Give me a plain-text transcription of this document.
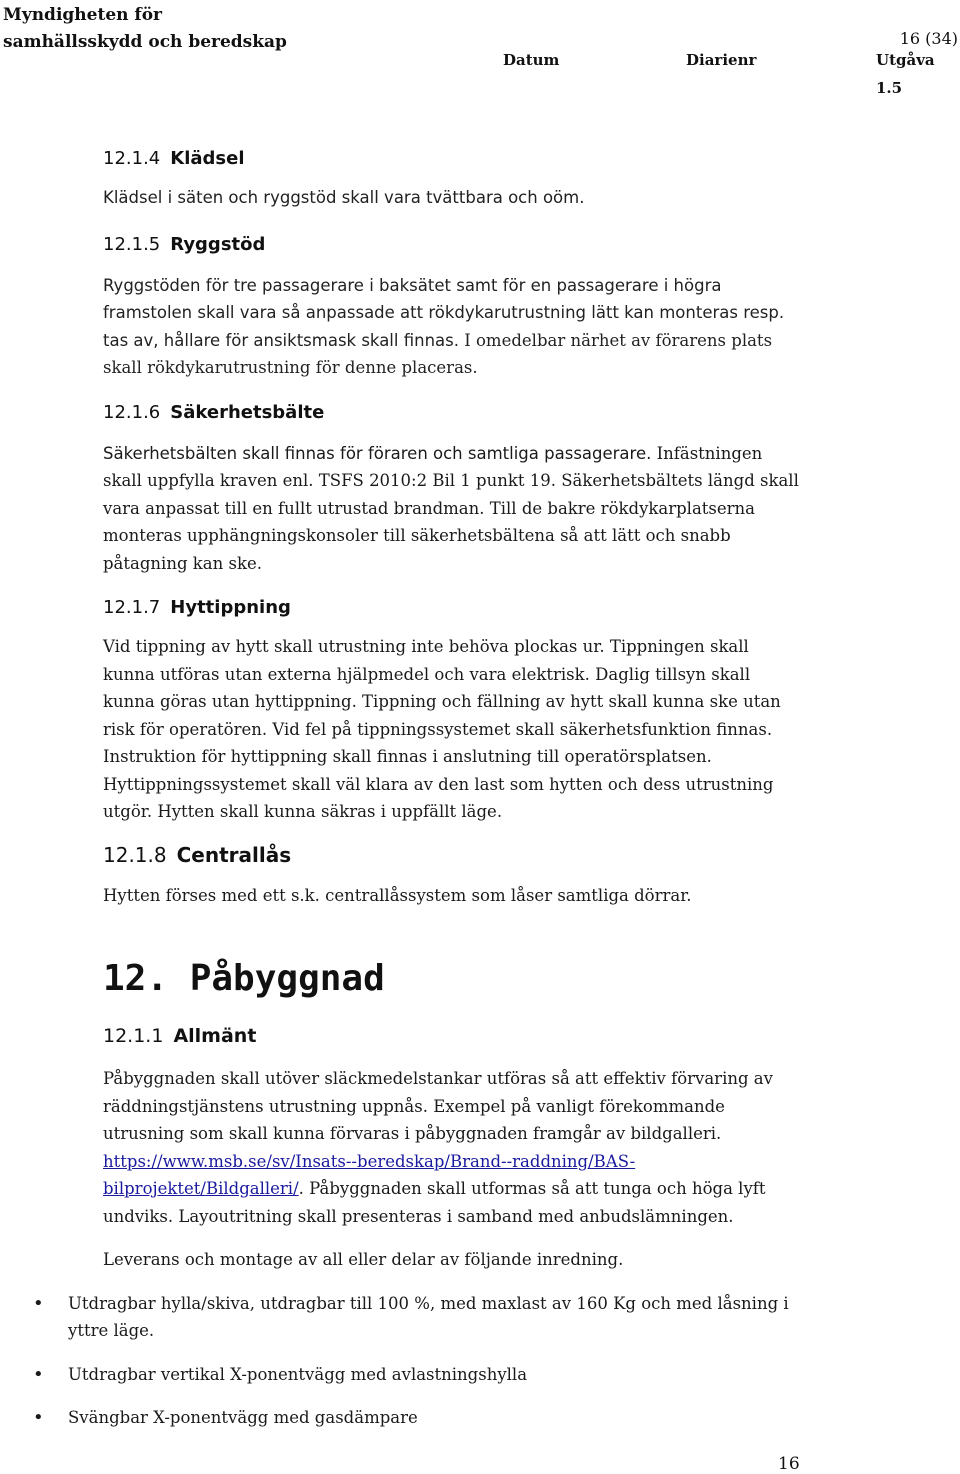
Myndigheten för
samhällsskydd och beredskap	16 (34)
Datum	Diarienr	Utgåva
1.5
12.1.4 Klädsel

Klädsel i säten och ryggstöd skall vara tvättbara och oöm.

12.1.5 Ryggstöd

Ryggstöden för tre passagerare i baksätet samt för en passagerare i högra framstolen skall vara så anpassade att rökdykarutrustning lätt kan monteras resp. tas av, hållare för ansiktsmask skall finnas. I omedelbar närhet av förarens plats skall rökdykarutrustning för denne placeras.

12.1.6 Säkerhetsbälte

Säkerhetsbälten skall finnas för föraren och samtliga passagerare. Infästningen skall uppfylla kraven enl. TSFS 2010:2 Bil 1 punkt 19. Säkerhetsbältets längd skall vara anpassat till en fullt utrustad brandman. Till de bakre rökdykarplatserna monteras upphängningskonsoler till säkerhetsbältena så att lätt och snabb påtagning kan ske.

12.1.7 Hyttippning

Vid tippning av hytt skall utrustning inte behöva plockas ur. Tippningen skall kunna utföras utan externa hjälpmedel och vara elektrisk. Daglig tillsyn skall kunna göras utan hyttippning. Tippning och fällning av hytt skall kunna ske utan risk för operatören. Vid fel på tippningssystemet skall säkerhetsfunktion finnas. Instruktion för hyttippning skall finnas i anslutning till operatörsplatsen. Hyttippningssystemet skall väl klara av den last som hytten och dess utrustning utgör. Hytten skall kunna säkras i uppfällt läge.

12.1.8 Centrallås

Hytten förses med ett s.k. centrallåssystem som låser samtliga dörrar.

12. Påbyggnad
12.1.1 Allmänt

Påbyggnaden skall utöver släckmedelstankar utföras så att effektiv förvaring av räddningstjänstens utrustning uppnås. Exempel på vanligt förekommande utrusning som skall kunna förvaras i påbyggnaden framgår av bildgalleri. https://www.msb.se/sv/Insats--beredskap/Brand--raddning/BAS-bilprojektet/Bildgalleri/. Påbyggnaden skall utformas så att tunga och höga lyft undviks. Layoutritning skall presenteras i samband med anbudslämningen.

Leverans och montage av all eller delar av följande inredning.

• Utdragbar hylla/skiva, utdragbar till 100 %, med maxlast av 160 Kg och med låsning i yttre läge.
• Utdragbar vertikal X-ponentvägg med avlastningshylla
• Svängbar X-ponentvägg med gasdämpare
16
